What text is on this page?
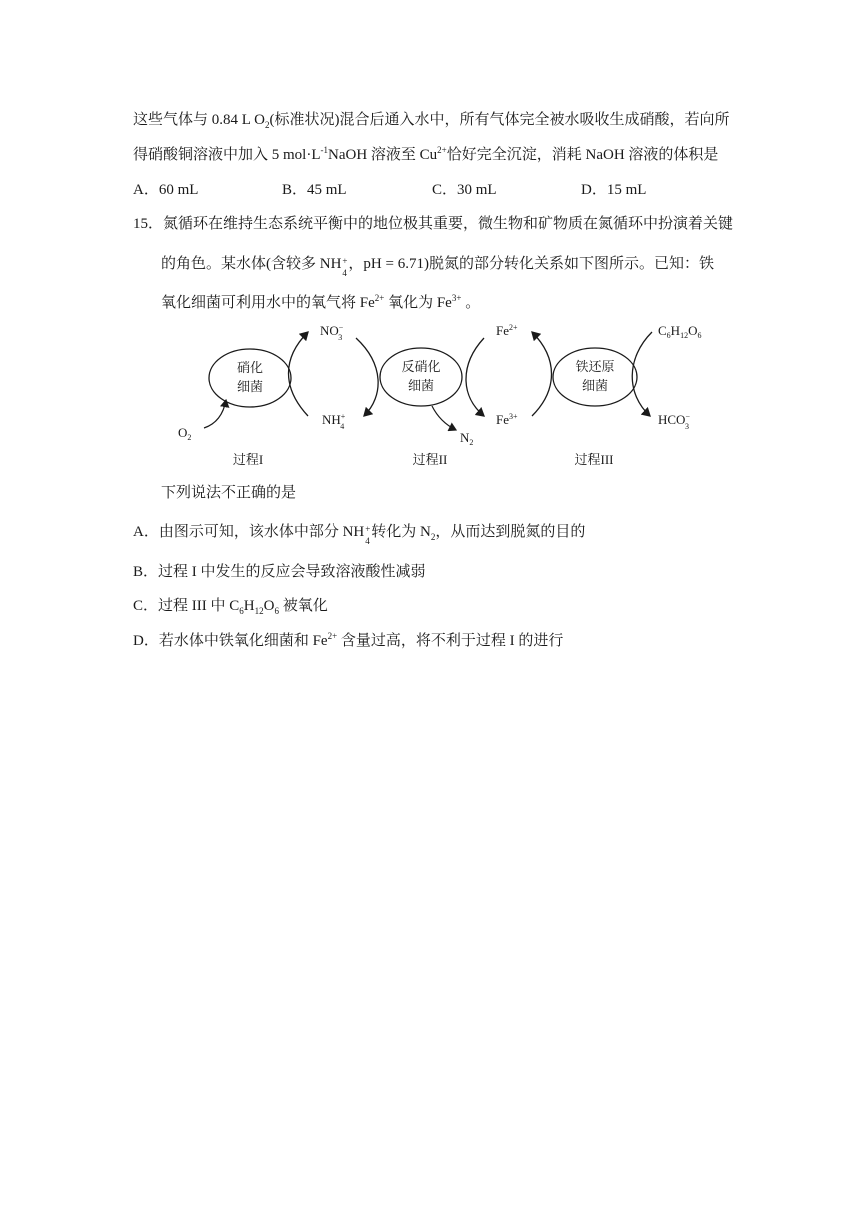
这些气体与 0.84 L $O_2$(标准状况)混合后通入水中，所有气体完全被水吸收生成硝酸，若向所
得硝酸铜溶液中加入 5 $mol\cdot L^{-1}NaOH$ 溶液至 $Cu^{2+}$恰好完全沉淀，消耗 NaOH 溶液的体积是
A．60 mL	B．45 mL	C．30 mL	D．15 mL
15．氮循环在维持生态系统平衡中的地位极其重要，微生物和矿物质在氮循环中扮演着关键
的角色。某水体(含较多 NH +
4
，pH = 6.71)脱氮的部分转化关系如下图所示。已知：铁
氧化细菌可利用水中的氧气将 $Fe^{2+}$ 氧化为 $Fe^{3+}$ 。
硝化
细菌
反硝化
细菌
铁还原
细菌
$O_2$
NO− 3
NH+ 4
$N_2$
$Fe^{2+}$
$Fe^{3+}$
$C_6H_{12}O_6$
HCO− 3
过程I	过程II	过程III
下列说法不正确的是
A．由图示可知，该水体中部分 NH +
4
转化为 $N_2$，从而达到脱氮的目的
B．过程 I 中发生的反应会导致溶液酸性减弱
C．过程 III 中 $C_6H_{12}O_6$ 被氧化
D．若水体中铁氧化细菌和 $Fe^{2+}$ 含量过高，将不利于过程 I 的进行
